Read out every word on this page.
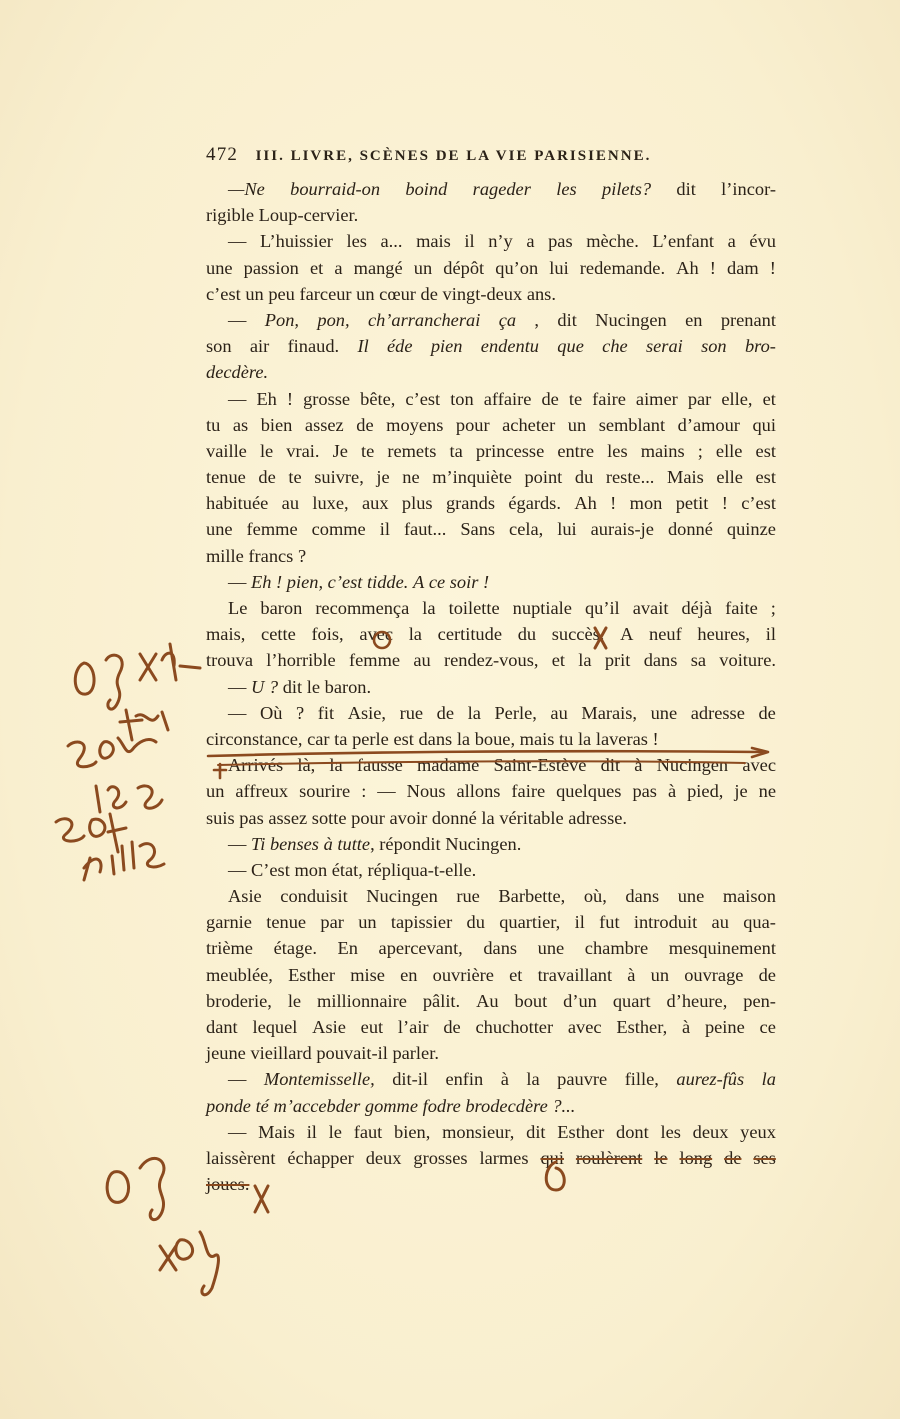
472 III. LIVRE, SCÈNES DE LA VIE PARISIENNE.
—Ne bourraid-on boind rageder les pilets? dit l’incor-
rigible
Loup-cervier.
— L’huissier les a... mais il n’y a pas mèche. L’enfant a évu
une passion et a mangé un dépôt qu’on lui redemande. Ah ! dam !
c’est
un
peu
farceur
un
cœur
de
vingt-deux
ans.
— Pon, pon, ch’arrancherai ça , dit Nucingen en prenant
son air finaud. Il éde pien endentu que che serai son bro-
decdère.
— Eh ! grosse bête, c’est ton affaire de te faire aimer par elle, et
tu as bien assez de moyens pour acheter un semblant d’amour qui
vaille le vrai. Je te remets ta princesse entre les mains ; elle est
tenue de te suivre, je ne m’inquiète point du reste... Mais elle est
habituée au luxe, aux plus grands égards. Ah ! mon petit ! c’est
une femme comme il faut... Sans cela, lui aurais-je donné quinze
mille
francs
?
—
Eh
!
pien,
c’est
tidde.
A
ce
soir
!
Le baron recommença la toilette nuptiale qu’il avait déjà faite ;
mais, cette fois, avec la certitude du succès. A neuf heures, il
trouva l’horrible femme au rendez-vous, et la prit dans sa voiture.
—
U
?
dit
le
baron.
— Où ? fit Asie, rue de la Perle, au Marais, une adresse de
circonstance,
car
ta
perle
est
dans
la
boue,
mais
tu
la
laveras
!
Arrivés là, la fausse madame Saint-Estève dit à Nucingen avec
un affreux sourire : — Nous allons faire quelques pas à pied, je ne
suis
pas
assez
sotte
pour
avoir
donné
la
véritable
adresse.
—
Ti
benses
à
tutte ,
répondit
Nucingen.
—
C’est
mon
état,
répliqua-t-elle.
Asie conduisit Nucingen rue Barbette, où, dans une maison
garnie tenue par un tapissier du quartier, il fut introduit au qua-
trième étage. En apercevant, dans une chambre mesquinement
meublée, Esther mise en ouvrière et travaillant à un ouvrage de
broderie, le millionnaire pâlit. Au bout d’un quart d’heure, pen-
dant lequel Asie eut l’air de chuchotter avec Esther, à peine ce
jeune
vieillard
pouvait-il
parler.
— Montemisselle, dit-il enfin à la pauvre fille, aurez-fûs la
ponde
té
m’accebder
gomme
fodre
brodecdère
?...
— Mais il le faut bien, monsieur, dit Esther dont les deux yeux
laissèrent échapper deux grosses larmes qui roulèrent le long de ses
joues.
